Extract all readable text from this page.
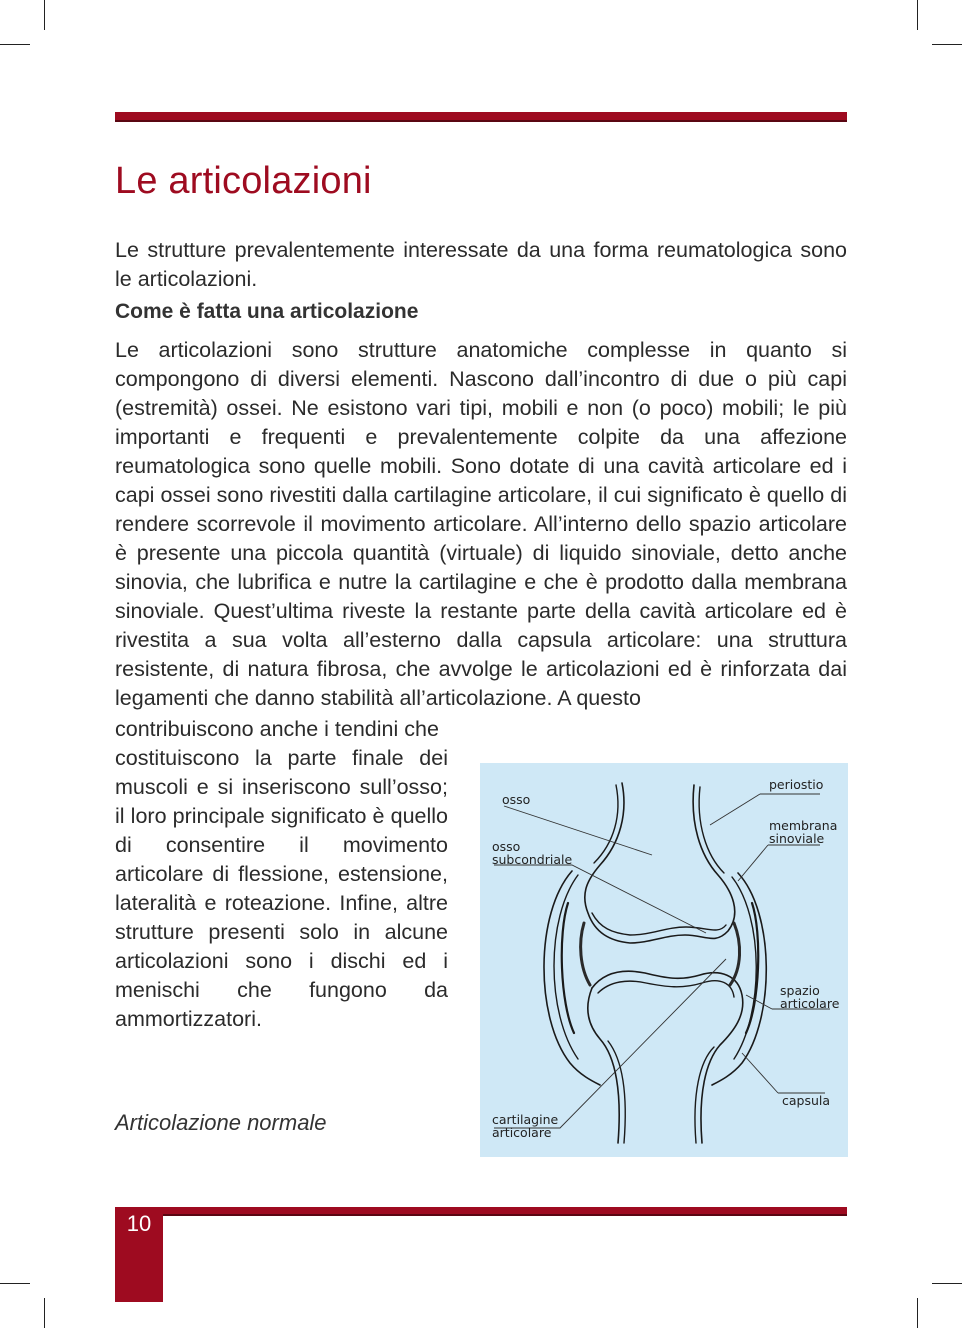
Le articolazioni

Le strutture prevalentemente interessate da una forma reumatologica sono le articolazioni.

Come è fatta una articolazione

Le articolazioni sono strutture anatomiche complesse in quanto si compongono di diversi elementi. Nascono dall’incontro di due o più capi (estremità) ossei. Ne esistono vari tipi, mobili e non (o poco) mobili; le più importanti e frequenti e prevalentemente colpite da una affezione reumatologica sono quelle mobili. Sono dotate di una cavità articolare ed i capi ossei sono rivestiti dalla cartilagine articolare, il cui significato è quello di rendere scorrevole il movimento articolare. All’interno dello spazio articolare è presente una piccola quantità (virtuale) di liquido sinoviale, detto anche sinovia, che lubrifica e nutre la cartilagine e che è prodotto dalla membrana sinoviale. Quest’ultima riveste la restante parte della cavità articolare ed è rivestita a sua volta all’esterno dalla capsula articolare: una struttura resistente, di natura fibrosa, che avvolge le articolazioni ed è rinforzata dai legamenti che danno stabilità all’articolazione. A questo

contribuiscono anche i tendini che

costituiscono la parte finale dei muscoli e si inseriscono sull’osso; il loro principale significato è quello di consentire il movimento articolare di flessione, estensione, lateralità e roteazione. Infine, altre strutture presenti solo in alcune articolazioni sono i dischi ed i menischi che fungono da ammortizzatori.

Articolazione normale

osso
osso
subcondriale
periostio
membrana
sinoviale
spazio
articolare
capsula
cartilagine
articolare
10
